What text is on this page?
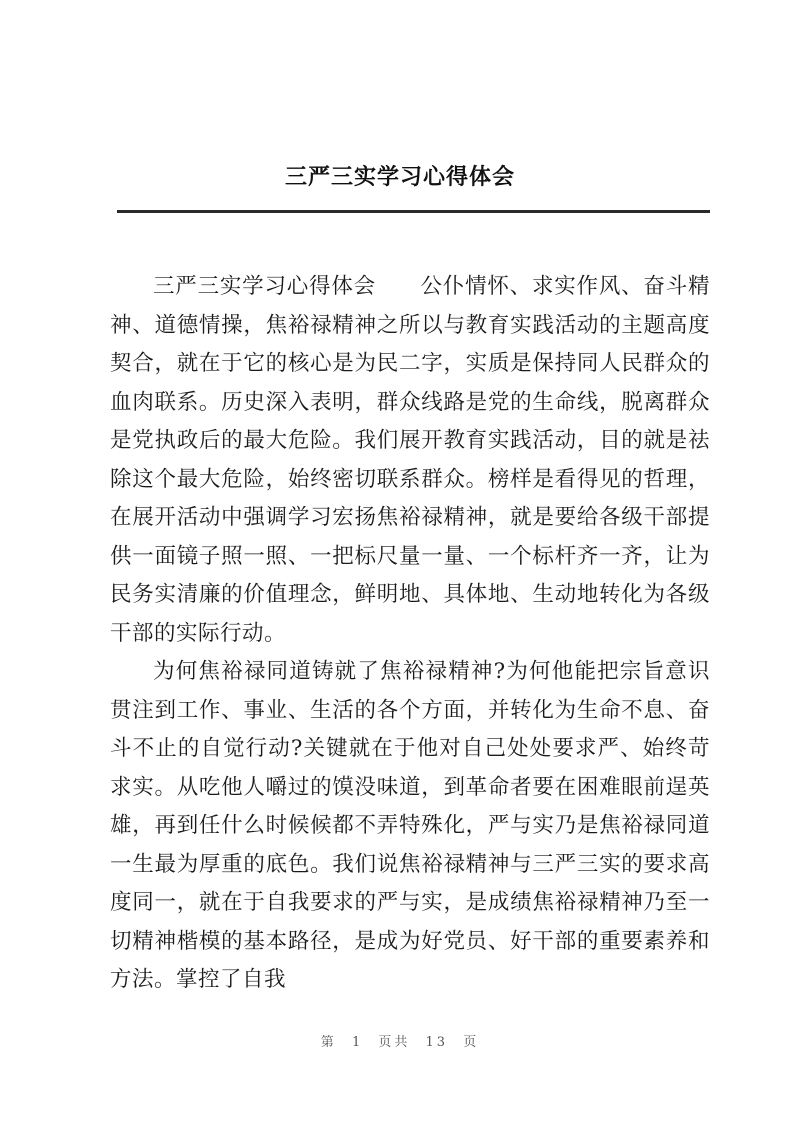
三严三实学习心得体会

三严三实学习心得体会　　公仆情怀、求实作风、奋斗精神、道德情操，焦裕禄精神之所以与教育实践活动的主题高度契合，就在于它的核心是为民二字，实质是保持同人民群众的血肉联系。历史深入表明，群众线路是党的生命线，脱离群众是党执政后的最大危险。我们展开教育实践活动，目的就是祛除这个最大危险，始终密切联系群众。榜样是看得见的哲理，在展开活动中强调学习宏扬焦裕禄精神，就是要给各级干部提供一面镜子照一照、一把标尺量一量、一个标杆齐一齐，让为民务实清廉的价值理念，鲜明地、具体地、生动地转化为各级干部的实际行动。

为何焦裕禄同道铸就了焦裕禄精神?为何他能把宗旨意识贯注到工作、事业、生活的各个方面，并转化为生命不息、奋斗不止的自觉行动?关键就在于他对自己处处要求严、始终苛求实。从吃他人嚼过的馍没味道，到革命者要在困难眼前逞英雄，再到任什么时候候都不弄特殊化，严与实乃是焦裕禄同道一生最为厚重的底色。我们说焦裕禄精神与三严三实的要求高度同一，就在于自我要求的严与实，是成绩焦裕禄精神乃至一切精神楷模的基本路径，是成为好党员、好干部的重要素养和方法。掌控了自我

第 1 页共 13 页
